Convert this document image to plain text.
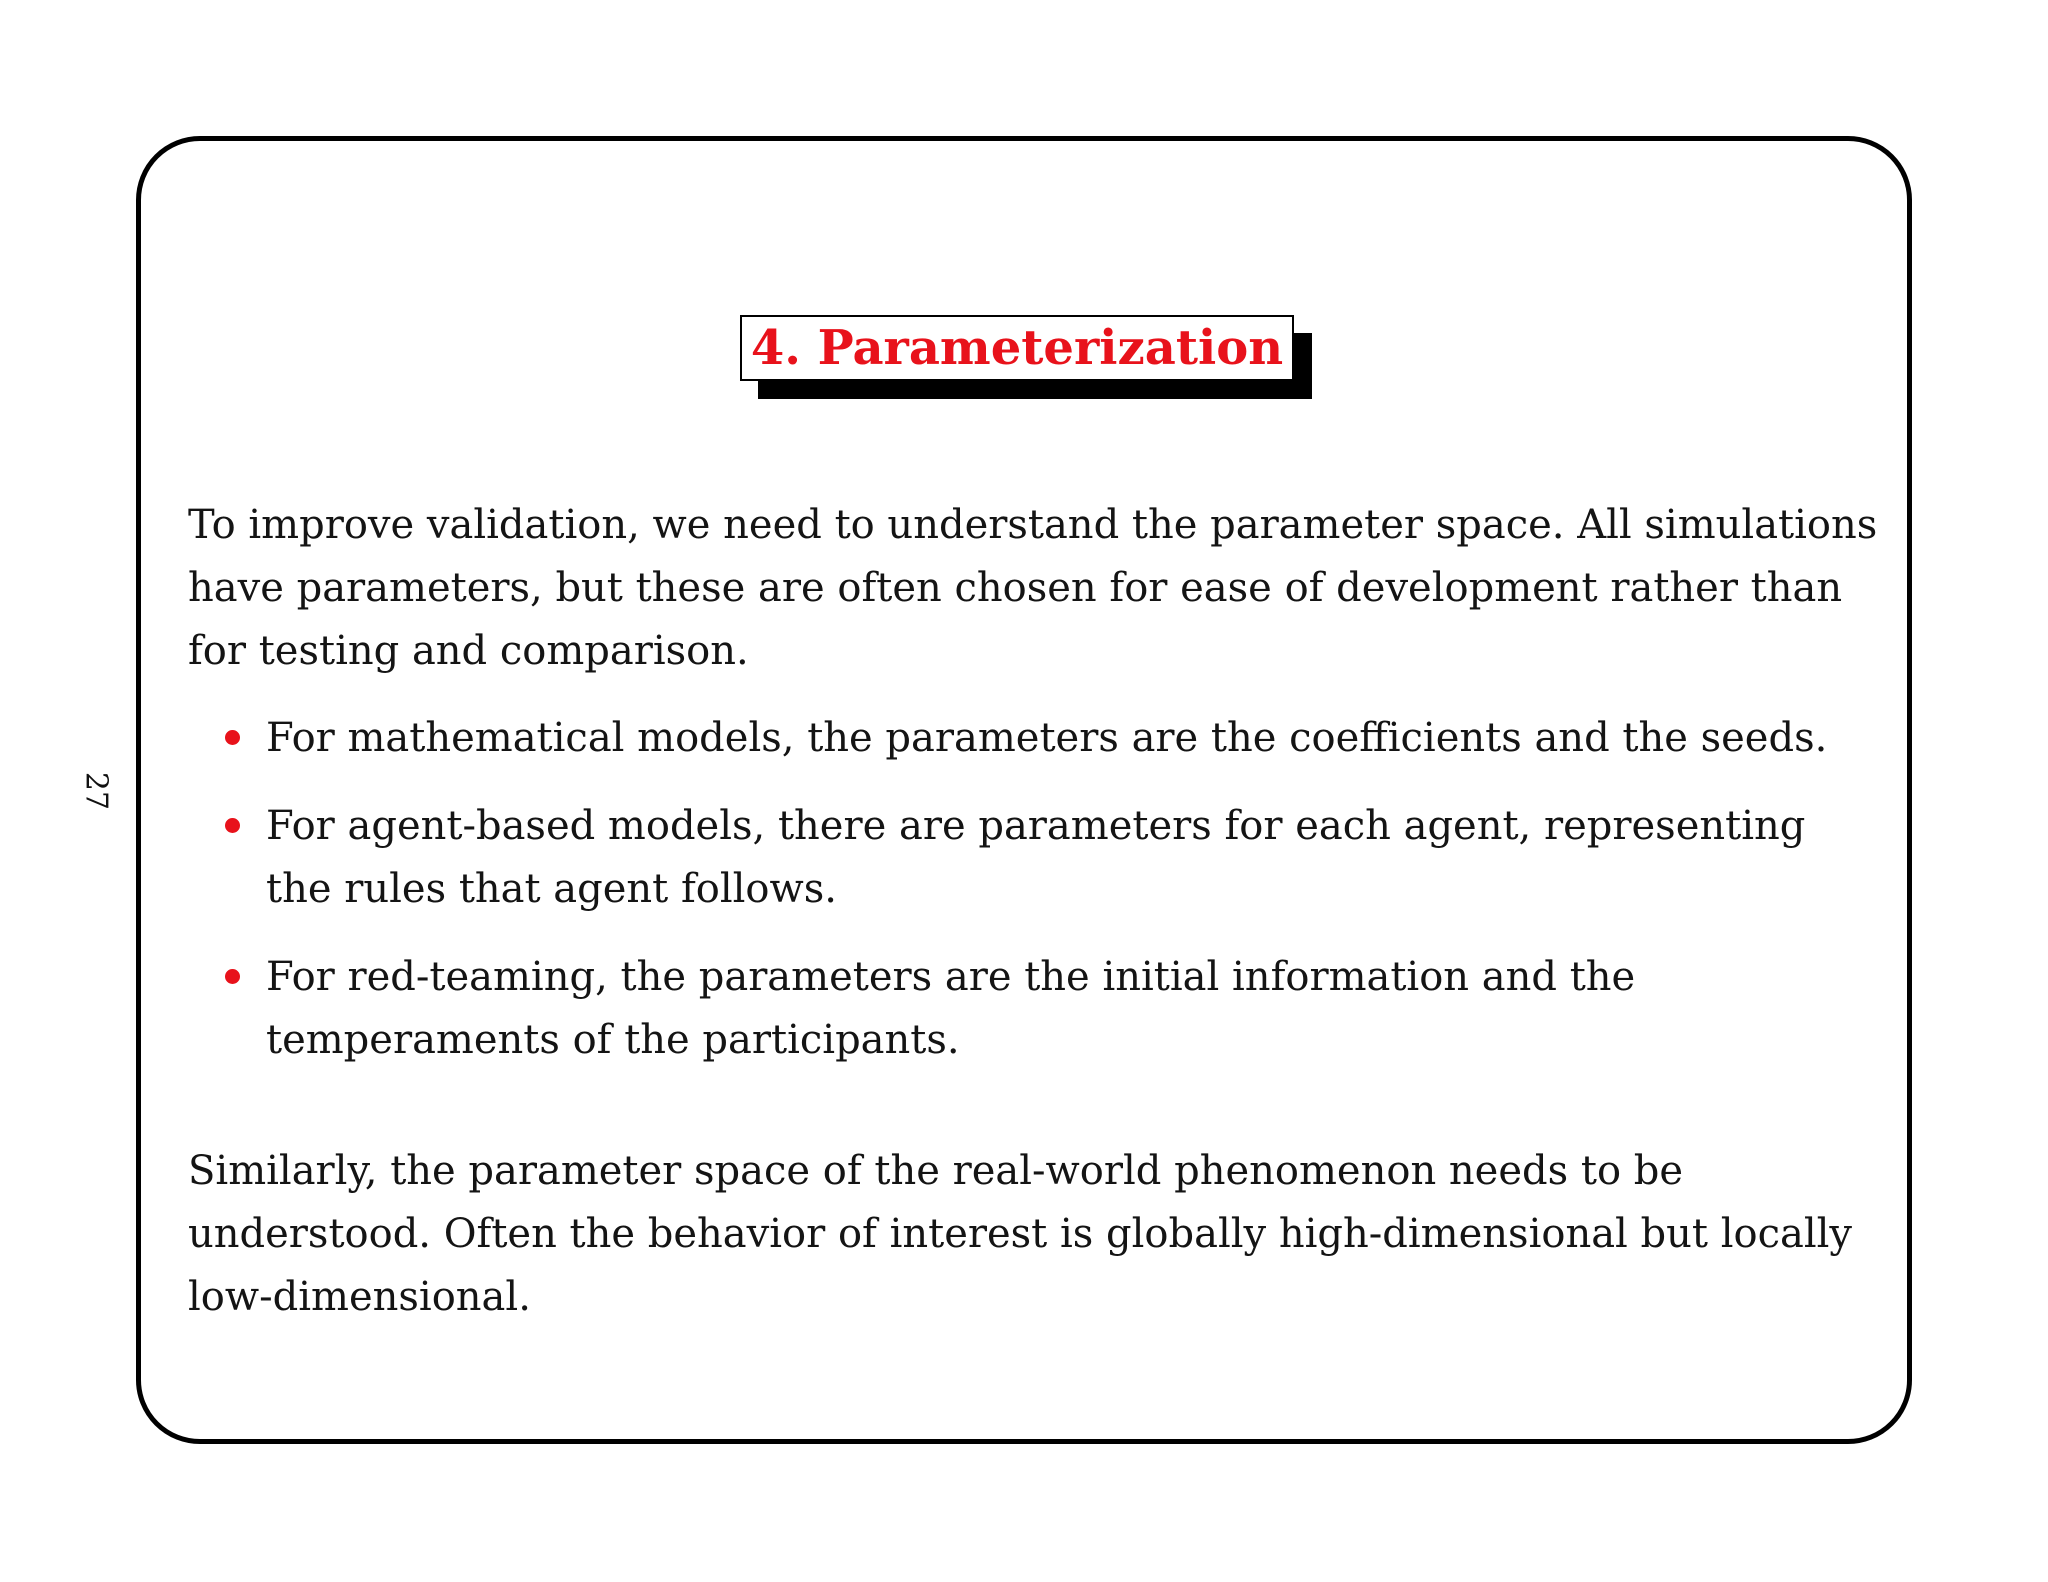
27
4. Parameterization

To improve validation, we need to understand the parameter space. All simulations have parameters, but these are often chosen for ease of development rather than for testing and comparison.

For mathematical models, the parameters are the coefficients and the seeds.
For agent-based models, there are parameters for each agent, representing the rules that agent follows.
For red-teaming, the parameters are the initial information and the temperaments of the participants.

Similarly, the parameter space of the real-world phenomenon needs to be understood. Often the behavior of interest is globally high-dimensional but locally low-dimensional.
